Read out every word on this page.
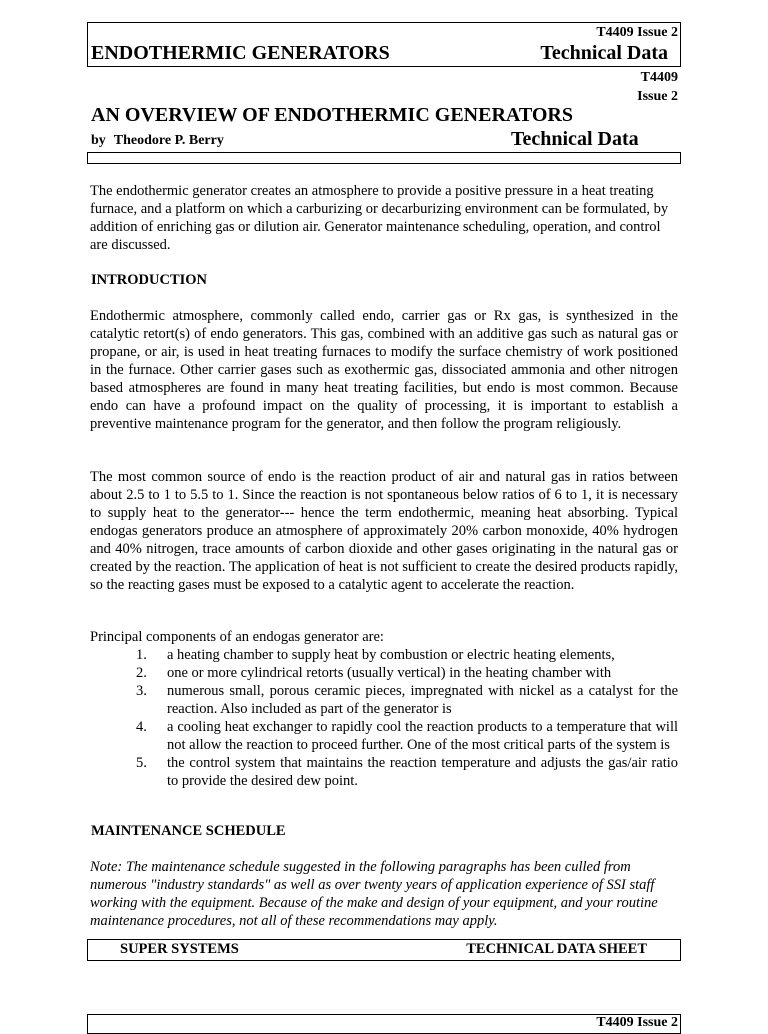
T4409 Issue 2
ENDOTHERMIC GENERATORS	Technical Data
T4409
Issue 2
AN OVERVIEW OF ENDOTHERMIC GENERATORS
by Theodore P. Berry	Technical Data
The endothermic generator creates an atmosphere to provide a positive pressure in a heat treating furnace, and a platform on which a carburizing or decarburizing environment can be formulated, by addition of enriching gas or dilution air. Generator maintenance scheduling, operation, and control are discussed.
INTRODUCTION
Endothermic atmosphere, commonly called endo, carrier gas or Rx gas, is synthesized in the catalytic retort(s) of endo generators. This gas, combined with an additive gas such as natural gas or propane, or air, is used in heat treating furnaces to modify the surface chemistry of work positioned in the furnace. Other carrier gases such as exothermic gas, dissociated ammonia and other nitrogen based atmospheres are found in many heat treating facilities, but endo is most common. Because endo can have a profound impact on the quality of processing, it is important to establish a preventive maintenance program for the generator, and then follow the program religiously.
The most common source of endo is the reaction product of air and natural gas in ratios between about 2.5 to 1 to 5.5 to 1. Since the reaction is not spontaneous below ratios of 6 to 1, it is necessary to supply heat to the generator--- hence the term endothermic, meaning heat absorbing. Typical endogas generators produce an atmosphere of approximately 20% carbon monoxide, 40% hydrogen and 40% nitrogen, trace amounts of carbon dioxide and other gases originating in the natural gas or created by the reaction. The application of heat is not sufficient to create the desired products rapidly, so the reacting gases must be exposed to a catalytic agent to accelerate the reaction.
Principal components of an endogas generator are:
1. a heating chamber to supply heat by combustion or electric heating elements,
2. one or more cylindrical retorts (usually vertical) in the heating chamber with
3. numerous small, porous ceramic pieces, impregnated with nickel as a catalyst for the reaction. Also included as part of the generator is
4. a cooling heat exchanger to rapidly cool the reaction products to a temperature that will not allow the reaction to proceed further. One of the most critical parts of the system is
5. the control system that maintains the reaction temperature and adjusts the gas/air ratio to provide the desired dew point.
MAINTENANCE SCHEDULE
Note: The maintenance schedule suggested in the following paragraphs has been culled from numerous "industry standards" as well as over twenty years of application experience of SSI staff working with the equipment. Because of the make and design of your equipment, and your routine maintenance procedures, not all of these recommendations may apply.
SUPER SYSTEMS	TECHNICAL DATA SHEET
T4409 Issue 2
